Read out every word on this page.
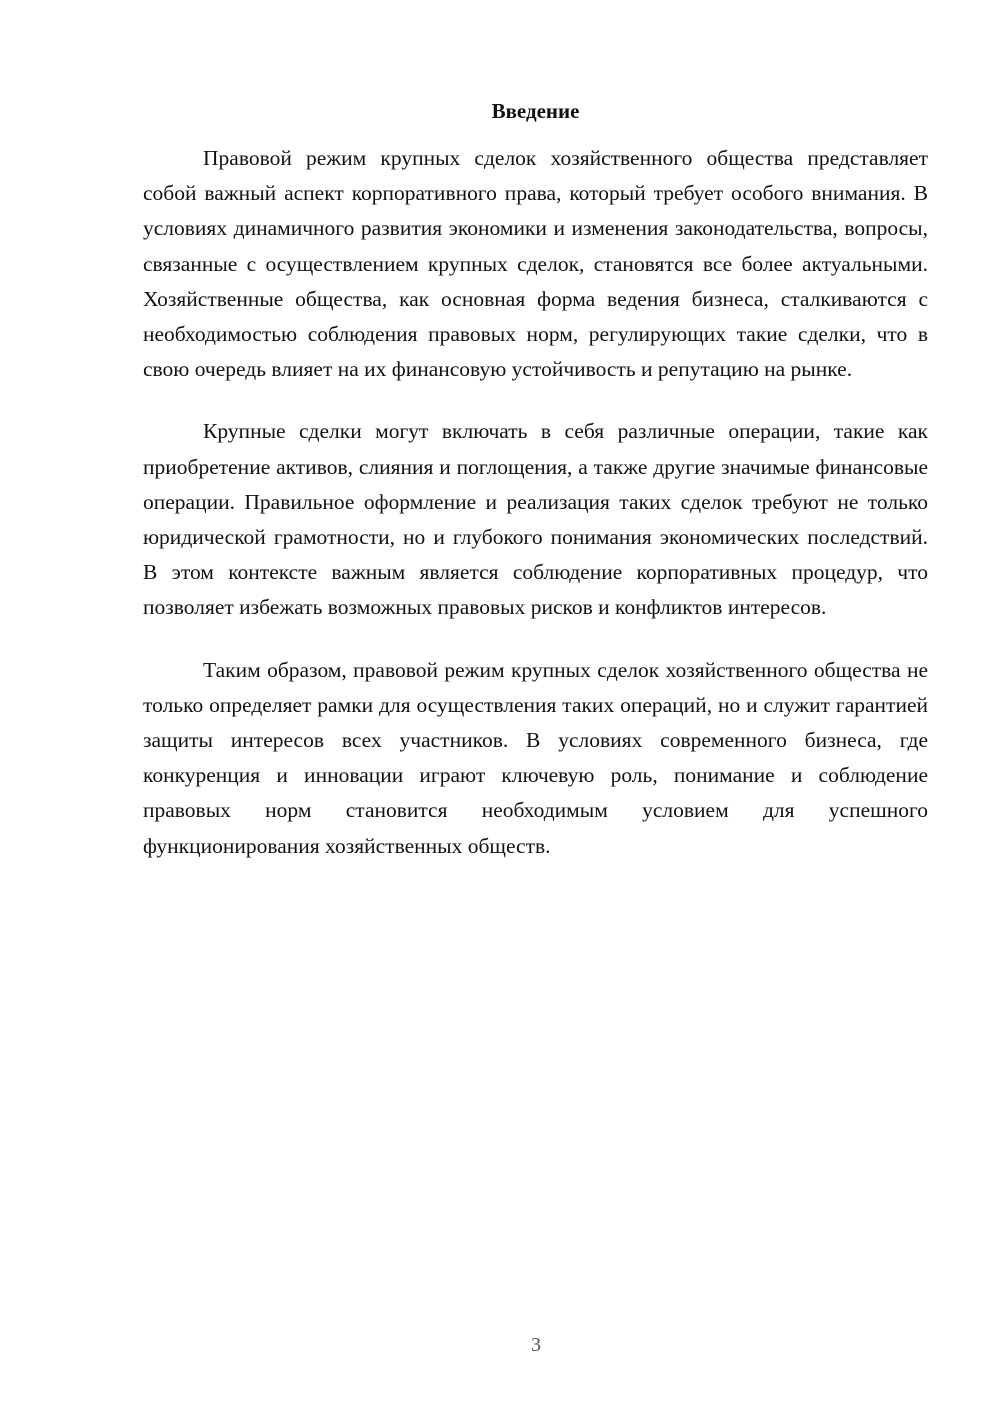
Введение

Правовой режим крупных сделок хозяйственного общества представляет собой важный аспект корпоративного права, который требует особого внимания. В условиях динамичного развития экономики и изменения законодательства, вопросы, связанные с осуществлением крупных сделок, становятся все более актуальными. Хозяйственные общества, как основная форма ведения бизнеса, сталкиваются с необходимостью соблюдения правовых норм, регулирующих такие сделки, что в свою очередь влияет на их финансовую устойчивость и репутацию на рынке.

Крупные сделки могут включать в себя различные операции, такие как приобретение активов, слияния и поглощения, а также другие значимые финансовые операции. Правильное оформление и реализация таких сделок требуют не только юридической грамотности, но и глубокого понимания экономических последствий. В этом контексте важным является соблюдение корпоративных процедур, что позволяет избежать возможных правовых рисков и конфликтов интересов.

Таким образом, правовой режим крупных сделок хозяйственного общества не только определяет рамки для осуществления таких операций, но и служит гарантией защиты интересов всех участников. В условиях современного бизнеса, где конкуренция и инновации играют ключевую роль, понимание и соблюдение правовых норм становится необходимым условием для успешного функционирования хозяйственных обществ.

3
